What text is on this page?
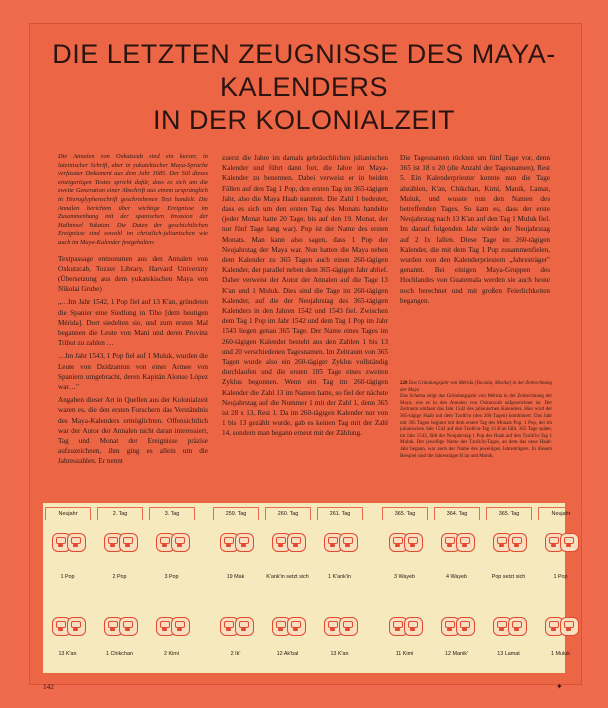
DIE LETZTEN ZEUGNISSE DES MAYA-KALENDERS
IN DER KOLONIALZEIT

Die Annalen von Oxkutzcab sind ein kurzer, in lateinischer Schrift, aber in yukatekischer Maya-Sprache verfasster Dokument aus dem Jahr 1685. Der Stil dieses einzigartigen Textes spricht dafür, dass es sich um die zweite Generation einer Abschrift aus einem ursprünglich in Hieroglyphenschrift geschriebenen Text handelt. Die Annalen berichten über wichtige Ereignisse im Zusammenhang mit der spanischen Invasion der Halbinsel Yukatan. Die Daten der geschichtlichen Ereignisse sind sowohl im christlich-julianischen wie auch im Maya-Kalender festgehalten:

Textpassage entnommen aus den Annalen von Oxkutzcab, Tozzer Library, Harvard University (Übersetzung aus dem yukatekischen Maya von Nikolai Grube)

„…Im Jahr 1542, 1 Pop fiel auf 13 K'an, gründeten die Spanier eine Siedlung in Tiho [dem heutigen Mérida]. Dort siedelten sie, und zum ersten Mal begannen die Leute von Mani und deren Provinz Tribut zu zahlen …

…Im Jahr 1543, 1 Pop fiel auf 1 Muluk, wurden die Leute von Dzidzantun von einer Armee von Spaniern umgebracht, deren Kapitän Alonso López war…"

Angaben dieser Art in Quellen aus der Kolonialzeit waren es, die den ersten Forschern das Verständnis des Maya-Kalenders ermöglichten. Offensichtlich war der Autor der Annalen nicht daran interessiert, Tag und Monat der Ereignisse präzise aufzuzeichnen, ihm ging es allein um die Jahreszahlen. Er nennt

zuerst die Jahre im damals gebräuchlichen julianischen Kalender und führt dann fort, die Jahre im Maya-Kalender zu benennen. Dabei verweist er in beiden Fällen auf den Tag 1 Pop, den ersten Tag im 365-tägigen Jahr, also die Maya Haab nannten. Die Zahl 1 bedeutet, dass es sich um den ersten Tag des Monats handelte (jeder Monat hatte 20 Tage, bis auf den 19. Monat, der nur fünf Tage lang war). Pop ist der Name des ersten Monats. Man kann also sagen, dass 1 Pop der Neujahrstag der Maya war. Nun hatten die Maya neben dem Kalender zu 365 Tagen auch einen 260-tägigen Kalender, der parallel neben dem 365-tägigen Jahr ablief. Daher verweist der Autor der Annalen auf die Tage 13 K'an und 1 Muluk. Dies sind die Tage im 260-tägigen Kalender, auf die der Neujahrstag des 365-tägigen Kalenders in den Jahren 1542 und 1543 fiel. Zwischen dem Tag 1 Pop im Jahr 1542 und dem Tag 1 Pop im Jahr 1543 liegen genau 365 Tage. Der Name eines Tages im 260-tägigen Kalender besteht aus den Zahlen 1 bis 13 und 20 verschiedenen Tagesnamen. Im Zeitraum von 365 Tagen wurde also ein 260-tägiger Zyklus vollständig durchlaufen und die ersten 105 Tage eines zweiten Zyklus begonnen. Wenn ein Tag im 260-tägigen Kalender die Zahl 13 im Namen hatte, so fiel der nächste Neujahrstag auf die Nummer 1 mit der Zahl 1, denn 365 ist 28 x 13, Rest 1. Da im 260-tägigen Kalender nur von 1 bis 13 gezählt wurde, gab es keinen Tag mit der Zahl 14, sondern man begann erneut mit der Zählung.

Die Tagesnamen rückten um fünf Tage vor, denn 365 ist 18 x 20 (die Anzahl der Tagesnamen), Rest 5. Ein Kalenderpriester konnte nun die Tage abzählen, K'an, Chikchan, Kimi, Manik, Lamat, Muluk, und wusste nun den Namen des betreffenden Tages. So kam es, dass der erste Neujahrstag nach 13 K'an auf den Tag 1 Muluk fiel. Im darauf folgenden Jahr würde der Neujahrstag auf 2 Ix fallen. Diese Tage im 260-tägigen Kalender, die mit dem Tag 1 Pop zusammenfielen, wurden von den Kalenderpriestern „Jahresträger" genannt. Bei einigen Maya-Gruppen des Hochlandes von Guatemala werden sie auch heute noch berechnet und mit großen Feierlichkeiten begangen.

228 Das Gründungsjahr von Mérida (Yucatán, Mexiko) in der Zeitrechnung der Maya
Das Schema zeigt das Gründungsjahr von Mérida in der Zeitrechnung der Maya, wie es in den Annalen von Oxkutzcab aufgezeichnet ist. Der Zeitraum umfasst das Jahr 1542 des julianischen Kalenders. Hier wird der 365-tägige Haab mit dem Tzolk'in (den 260 Tagen) kombiniert. Das Jahr mit 365 Tagen beginnt mit dem ersten Tag des Monats Pop, 1 Pop, der im julianischen Jahr 1542 auf den Tzolk'in-Tag 13 K'an fällt. 365 Tage später, im Jahr 1543, fällt der Neujahrstag 1 Pop des Haab auf den Tzolk'in-Tag 1 Muluk. Der jeweilige Name des Tzolk'in-Tages, an dem das neue Haab-Jahr begann, war auch der Name des jeweiligen Jahresträgers. In diesem Beispiel sind die Jahresträger K'an und Muluk.
Neujahr
1 Pop
13 K'an
2. Tag
2 Pop
1 Chikchan
3. Tag
3 Pop
2 Kimi
259. Tag
19 Mak
2 Ik'
260. Tag
K'ank'in setzt sich
12 Ak'bal
261. Tag
1 K'ank'in
13 K'an
365. Tag
3 Wayeb
11 Kimi
364. Tag
4 Wayeb
12 Manik'
365. Tag
Pop setzt sich
13 Lamat
Neujahr
1 Pop
1 Muluk
142	✦
